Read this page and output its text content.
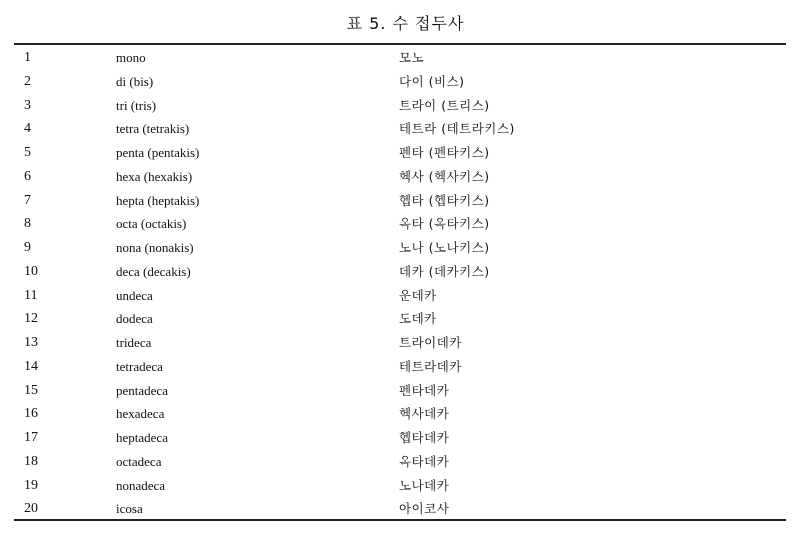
표 5. 수 접두사
1	mono	모노
2	di (bis)	다이 (비스)
3	tri (tris)	트라이 (트리스)
4	tetra (tetrakis)	테트라 (테트라키스)
5	penta (pentakis)	펜타 (펜타키스)
6	hexa (hexakis)	헥사 (헥사키스)
7	hepta (heptakis)	헵타 (헵타키스)
8	octa (octakis)	옥타 (옥타키스)
9	nona (nonakis)	노나 (노나키스)
10	deca (decakis)	데카 (데카키스)
11	undeca	운데카
12	dodeca	도데카
13	trideca	트라이데카
14	tetradeca	테트라데카
15	pentadeca	펜타데카
16	hexadeca	헥사데카
17	heptadeca	헵타데카
18	octadeca	옥타데카
19	nonadeca	노나데카
20	icosa	아이코사
